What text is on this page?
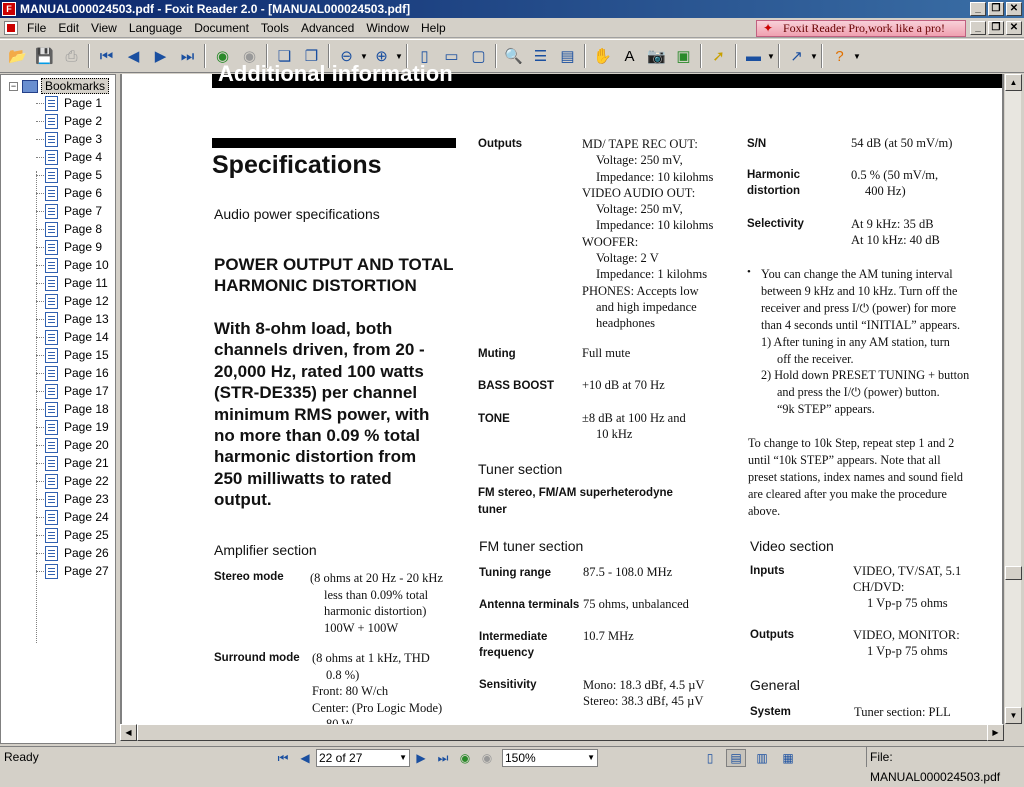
F MANUAL000024503.pdf - Foxit Reader 2.0 - [MANUAL000024503.pdf]	_	❐ ✕
File	Edit	View	Language	Document	Tools	Advanced	Window	Help
✦	Foxit Reader Pro,work like a pro!	_	❐ ✕
📂 💾 ⎙	⏮ ◀	▶ ⏭	◉ ◉	❏ ❐	⊖ ▼ ⊕ ▼	▯	▭ ▢	🔍 ☰ ▤	✋ A 📷 ▣	➚	▬ ▼	↗ ▼	?	▼
−	Bookmarks
Page 1
Page 2
Page 3
Page 4
Page 5
Page 6
Page 7
Page 8
Page 9
Page 10
Page 11
Page 12
Page 13
Page 14
Page 15
Page 16
Page 17
Page 18
Page 19
Page 20
Page 21
Page 22
Page 23
Page 24
Page 25
Page 26
Page 27
Additional information
Specifications
Audio power specifications
POWER OUTPUT AND TOTAL
HARMONIC DISTORTION
With 8-ohm load, both
channels driven, from 20 -
20,000 Hz, rated 100 watts
(STR-DE335) per channel
minimum RMS power, with
no more than 0.09 % total
harmonic distortion from
250 milliwatts to rated
output.
Amplifier section
Stereo mode (8 ohms at 20 Hz - 20 kHz
less than 0.09% total
harmonic distortion)
100W + 100W
Surround mode (8 ohms at 1 kHz, THD
0.8 %)
Front: 80 W/ch
Center: (Pro Logic Mode)
Outputs	MD/ TAPE REC OUT:
Voltage: 250 mV,
Impedance: 10 kilohms
VIDEO AUDIO OUT:
Voltage: 250 mV,
Impedance: 10 kilohms
WOOFER:
Voltage: 2 V
Impedance: 1 kilohms
PHONES: Accepts low
and high impedance
headphones
Muting	Full mute
BASS BOOST +10 dB at 70 Hz
TONE	±8 dB at 100 Hz and
10 kHz
Tuner section
FM stereo, FM/AM superheterodyne
tuner
FM tuner section
Tuning range	87.5 - 108.0 MHz
Antenna terminals 75 ohms, unbalanced
Intermediate
frequency
10.7 MHz
Sensitivity	Mono: 18.3 dBf, 4.5 µV
Stereo: 38.3 dBf, 45 µV
S/N	54 dB (at 50 mV/m)
Harmonic
distortion
0.5 % (50 mV/m,
400 Hz)
Selectivity	At 9 kHz: 35 dB
At 10 kHz: 40 dB
• You can change the AM tuning interval
between 9 kHz and 10 kHz. Turn off the
receiver and press I/⏻ (power) for more
than 4 seconds until “INITIAL” appears.
1) After tuning in any AM station, turn
off the receiver.
2) Hold down PRESET TUNING + button
and press the I/⏻ (power) button.
“9k STEP” appears.
To change to 10k Step, repeat step 1 and 2
until “10k STEP” appears. Note that all
preset stations, index names and sound field
are cleared after you make the procedure
above.
Video section
Inputs	VIDEO, TV/SAT, 5.1
CH/DVD:
1 Vp-p 75 ohms
Outputs	VIDEO, MONITOR:
1 Vp-p 75 ohms
General
System	Tuner section: PLL
▲
▼
◀	▶
Ready	⏮ ◀ 22 of 27	▼ ▶ ⏭ ◉ ◉	150%	▼	▯	▤	▥	▦	File: MANUAL000024503.pdf
